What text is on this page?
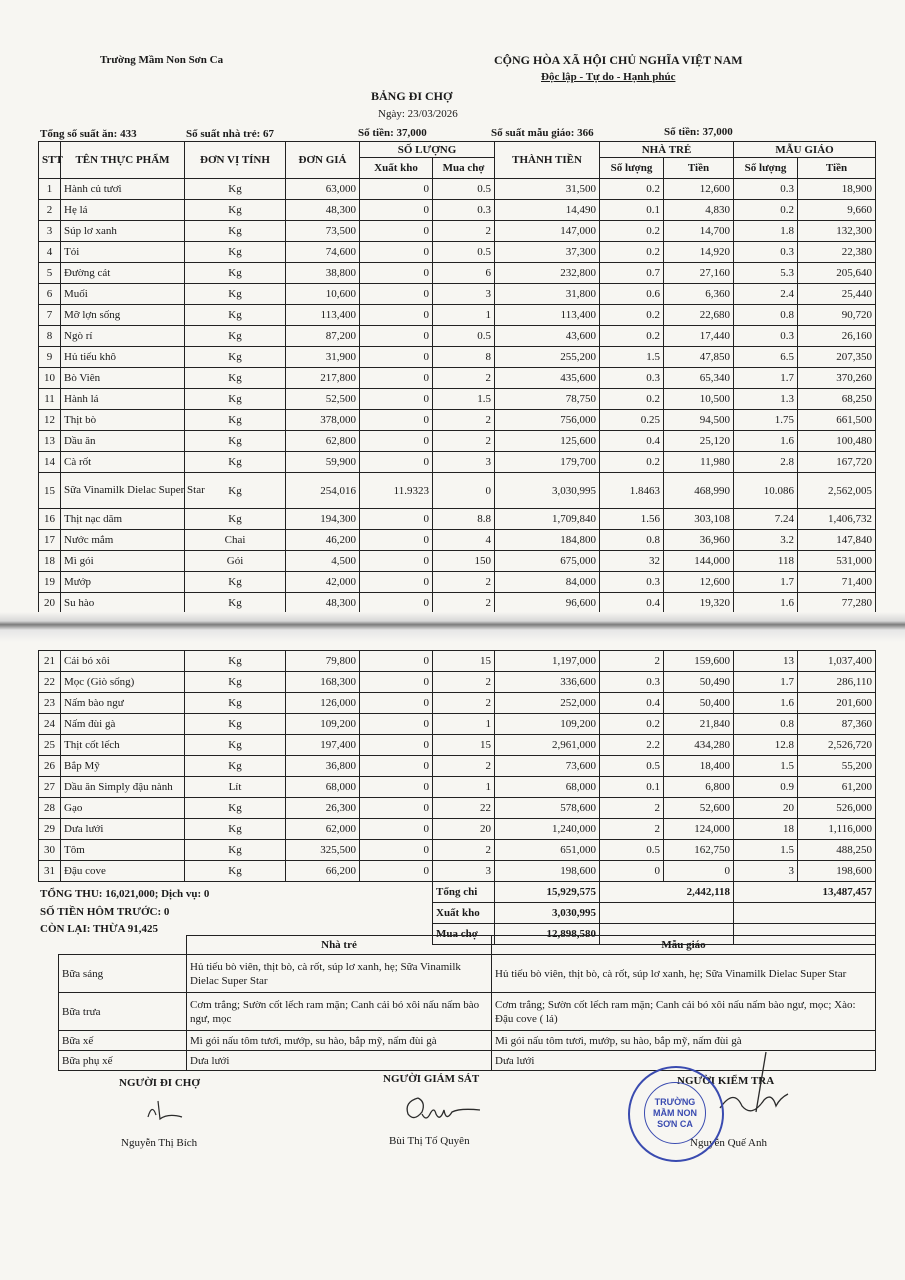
Trường Mầm Non Sơn Ca	CỘNG HÒA XÃ HỘI CHỦ NGHĨA VIỆT NAM
Độc lập - Tự do - Hạnh phúc
BẢNG ĐI CHỢ
Ngày: 23/03/2026
Tổng số suất ăn: 433	Số suất nhà trẻ: 67	Số tiền: 37,000	Số suất mẫu giáo: 366	Số tiền: 37,000
STT	TÊN THỰC PHẨM	ĐƠN VỊ TÍNH	ĐƠN GIÁ	SỐ LƯỢNG		THÀNH TIỀN	NHÀ TRẺ		MẪU GIÁO	
				Xuất kho	Mua chợ		Số lượng	Tiền	Số lượng	Tiền
1	Hành củ tươi	Kg	63,000	0	0.5	31,500	0.2	12,600	0.3	18,900
2	Hẹ lá	Kg	48,300	0	0.3	14,490	0.1	4,830	0.2	9,660
3	Súp lơ xanh	Kg	73,500	0	2	147,000	0.2	14,700	1.8	132,300
4	Tỏi	Kg	74,600	0	0.5	37,300	0.2	14,920	0.3	22,380
5	Đường cát	Kg	38,800	0	6	232,800	0.7	27,160	5.3	205,640
6	Muối	Kg	10,600	0	3	31,800	0.6	6,360	2.4	25,440
7	Mỡ lợn sống	Kg	113,400	0	1	113,400	0.2	22,680	0.8	90,720
8	Ngò rí	Kg	87,200	0	0.5	43,600	0.2	17,440	0.3	26,160
9	Hủ tiếu khô	Kg	31,900	0	8	255,200	1.5	47,850	6.5	207,350
10	Bò Viên	Kg	217,800	0	2	435,600	0.3	65,340	1.7	370,260
11	Hành lá	Kg	52,500	0	1.5	78,750	0.2	10,500	1.3	68,250
12	Thịt bò	Kg	378,000	0	2	756,000	0.25	94,500	1.75	661,500
13	Dầu ăn	Kg	62,800	0	2	125,600	0.4	25,120	1.6	100,480
14	Cà rốt	Kg	59,900	0	3	179,700	0.2	11,980	2.8	167,720
15	Sữa Vinamilk Dielac Super Star	Kg	254,016	11.9323	0	3,030,995	1.8463	468,990	10.086	2,562,005
16	Thịt nạc dăm	Kg	194,300	0	8.8	1,709,840	1.56	303,108	7.24	1,406,732
17	Nước mắm	Chai	46,200	0	4	184,800	0.8	36,960	3.2	147,840
18	Mì gói	Gói	4,500	0	150	675,000	32	144,000	118	531,000
19	Mướp	Kg	42,000	0	2	84,000	0.3	12,600	1.7	71,400
20	Su hào	Kg	48,300	0	2	96,600	0.4	19,320	1.6	77,280
21	Cải bó xôi	Kg	79,800	0	15	1,197,000	2	159,600	13	1,037,400
22	Mọc (Giò sống)	Kg	168,300	0	2	336,600	0.3	50,490	1.7	286,110
23	Nấm bào ngư	Kg	126,000	0	2	252,000	0.4	50,400	1.6	201,600
24	Nấm đùi gà	Kg	109,200	0	1	109,200	0.2	21,840	0.8	87,360
25	Thịt cốt lếch	Kg	197,400	0	15	2,961,000	2.2	434,280	12.8	2,526,720
26	Bắp Mỹ	Kg	36,800	0	2	73,600	0.5	18,400	1.5	55,200
27	Dầu ăn Simply đậu nành	Lít	68,000	0	1	68,000	0.1	6,800	0.9	61,200
28	Gạo	Kg	26,300	0	22	578,600	2	52,600	20	526,000
29	Dưa lưới	Kg	62,000	0	20	1,240,000	2	124,000	18	1,116,000
30	Tôm	Kg	325,500	0	2	651,000	0.5	162,750	1.5	488,250
31	Đậu cove	Kg	66,200	0	3	198,600	0	0	3	198,600
					Tổng chi	15,929,575	2,442,118		13,487,457	
					Xuất kho	3,030,995				
					Mua chợ	12,898,580				
TỔNG THU: 16,021,000; Dịch vụ: 0
SỐ TIỀN HÔM TRƯỚC: 0
CÒN LẠI: THỪA 91,425
	Nhà trẻ	Mẫu giáo
Bữa sáng	Hủ tiếu bò viên, thịt bò, cà rốt, súp lơ xanh, hẹ; Sữa Vinamilk Dielac Super Star	Hủ tiếu bò viên, thịt bò, cà rốt, súp lơ xanh, hẹ; Sữa Vinamilk Dielac Super Star
Bữa trưa	Cơm trắng; Sườn cốt lếch ram mặn; Canh cải bó xôi nấu nấm bào ngư, mọc	Cơm trắng; Sườn cốt lếch ram mặn; Canh cải bó xôi nấu nấm bào ngư, mọc; Xào: Đậu cove ( lá)
Bữa xế	Mì gói nấu tôm tươi, mướp, su hào, bắp mỹ, nấm đùi gà	Mì gói nấu tôm tươi, mướp, su hào, bắp mỹ, nấm đùi gà
Bữa phụ xế	Dưa lưới	Dưa lưới
NGƯỜI ĐI CHỢ
Nguyễn Thị Bích
NGƯỜI GIÁM SÁT
Bùi Thị Tố Quyên
NGƯỜI KIỂM TRA
Nguyễn Quế Anh
TRƯỜNG
MẦM NON
SƠN CA
